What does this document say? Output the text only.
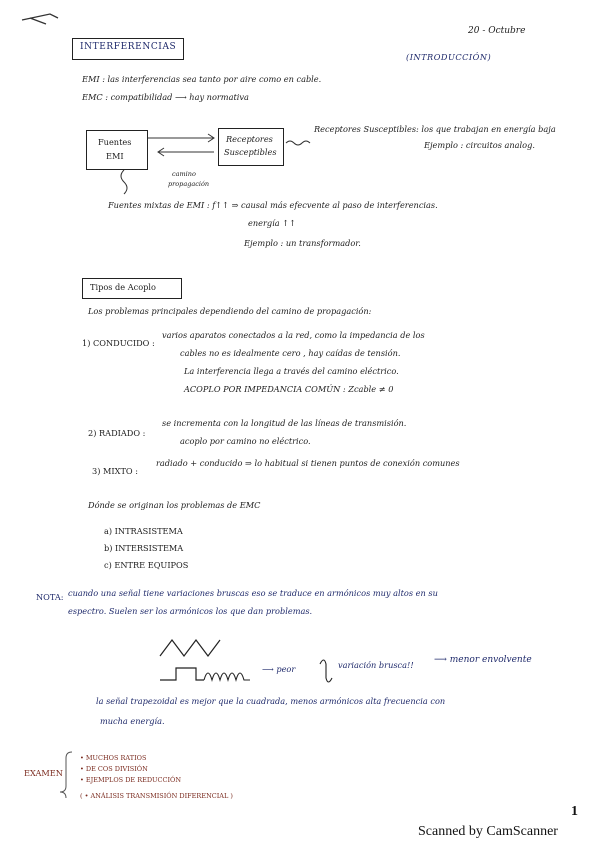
20 - Octubre
(INTRODUCCIÓN)
INTERFERENCIAS
EMI : las interferencias sea tanto por aire como en cable.
EMC : compatibilidad ⟶ hay normativa
Fuentes
EMI
Receptores
Susceptibles
camino
propagación
Receptores Susceptibles: los que trabajan en energía baja
Ejemplo : circuitos analog.
Fuentes mixtas de EMI : f↑↑ ⇒ causal más efecvente al paso de interferencias.
energía ↑↑
Ejemplo : un transformador.
Tipos de Acoplo
Los problemas principales dependiendo del camino de propagación:
1) CONDUCIDO :
varios aparatos conectados a la red, como la impedancia de los
cables no es idealmente cero , hay caídas de tensión.
La interferencia llega a través del camino eléctrico.
ACOPLO POR IMPEDANCIA COMÚN : Zcable ≠ 0
2) RADIADO :
se incrementa con la longitud de las líneas de transmisión.
acoplo por camino no eléctrico.
3) MIXTO :
radiado + conducido ⇒ lo habitual si tienen puntos de conexión comunes
Dónde se originan los problemas de EMC
a) INTRASISTEMA
b) INTERSISTEMA
c) ENTRE EQUIPOS
NOTA: cuando una señal tiene variaciones bruscas eso se traduce en armónicos muy altos en su
espectro. Suelen ser los armónicos los que dan problemas.
⟶ peor	variación brusca!! ⟶ menor envolvente
la señal trapezoidal es mejor que la cuadrada, menos armónicos alta frecuencia con
mucha energía.
EXAMEN
• MUCHOS RATIOS
• DE COS DIVISIÓN
• EJEMPLOS DE REDUCCIÓN
( • ANÁLISIS TRANSMISIÓN DIFERENCIAL )
1
Scanned by CamScanner
